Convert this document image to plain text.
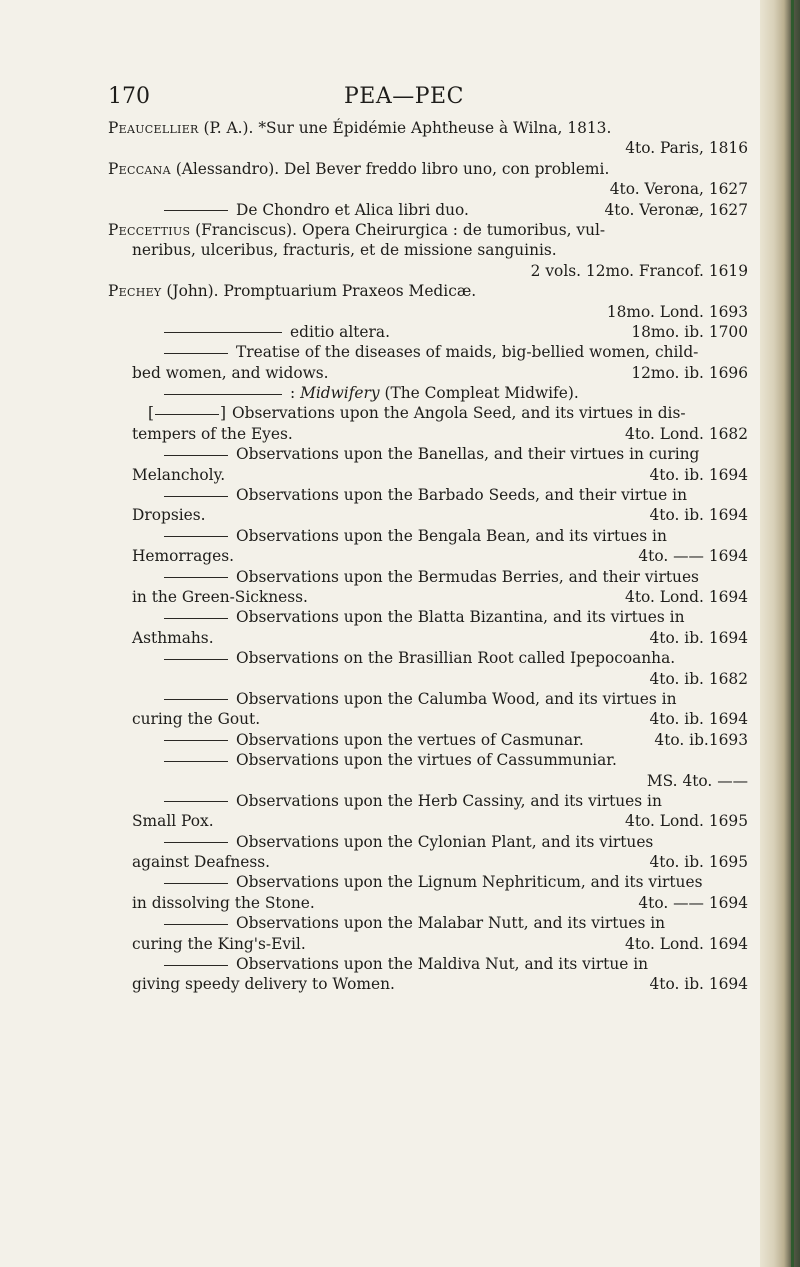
170	PEA—PEC
Peaucellier (P. A.). *Sur une Épidémie Aphtheuse à Wilna, 1813.
4to. Paris, 1816
Peccana (Alessandro). Del Bever freddo libro uno, con problemi.
4to. Verona, 1627
De Chondro et Alica libri duo.	4to. Veronæ, 1627
Peccettius (Franciscus). Opera Cheirurgica : de tumoribus, vul-
neribus, ulceribus, fracturis, et de missione sanguinis.
2 vols. 12mo. Francof. 1619
Pechey (John). Promptuarium Praxeos Medicæ.
18mo. Lond. 1693
editio altera.	18mo. ib. 1700
Treatise of the diseases of maids, big-bellied women, child-
bed women, and widows.	12mo. ib. 1696
: Midwifery (The Compleat Midwife).
[	] Observations upon the Angola Seed, and its virtues in dis-
tempers of the Eyes.	4to. Lond. 1682
Observations upon the Banellas, and their virtues in curing
Melancholy.	4to. ib. 1694
Observations upon the Barbado Seeds, and their virtue in
Dropsies.	4to. ib. 1694
Observations upon the Bengala Bean, and its virtues in
Hemorrages.	4to. —— 1694
Observations upon the Bermudas Berries, and their virtues
in the Green-Sickness.	4to. Lond. 1694
Observations upon the Blatta Bizantina, and its virtues in
Asthmahs.	4to. ib. 1694
Observations on the Brasillian Root called Ipepocoanha.
4to. ib. 1682
Observations upon the Calumba Wood, and its virtues in
curing the Gout.	4to. ib. 1694
Observations upon the vertues of Casmunar.	4to. ib.1693
Observations upon the virtues of Cassummuniar.
MS. 4to. ——
Observations upon the Herb Cassiny, and its virtues in
Small Pox.	4to. Lond. 1695
Observations upon the Cylonian Plant, and its virtues
against Deafness.	4to. ib. 1695
Observations upon the Lignum Nephriticum, and its virtues
in dissolving the Stone.	4to. —— 1694
Observations upon the Malabar Nutt, and its virtues in
curing the King's-Evil.	4to. Lond. 1694
Observations upon the Maldiva Nut, and its virtue in
giving speedy delivery to Women.	4to. ib. 1694
